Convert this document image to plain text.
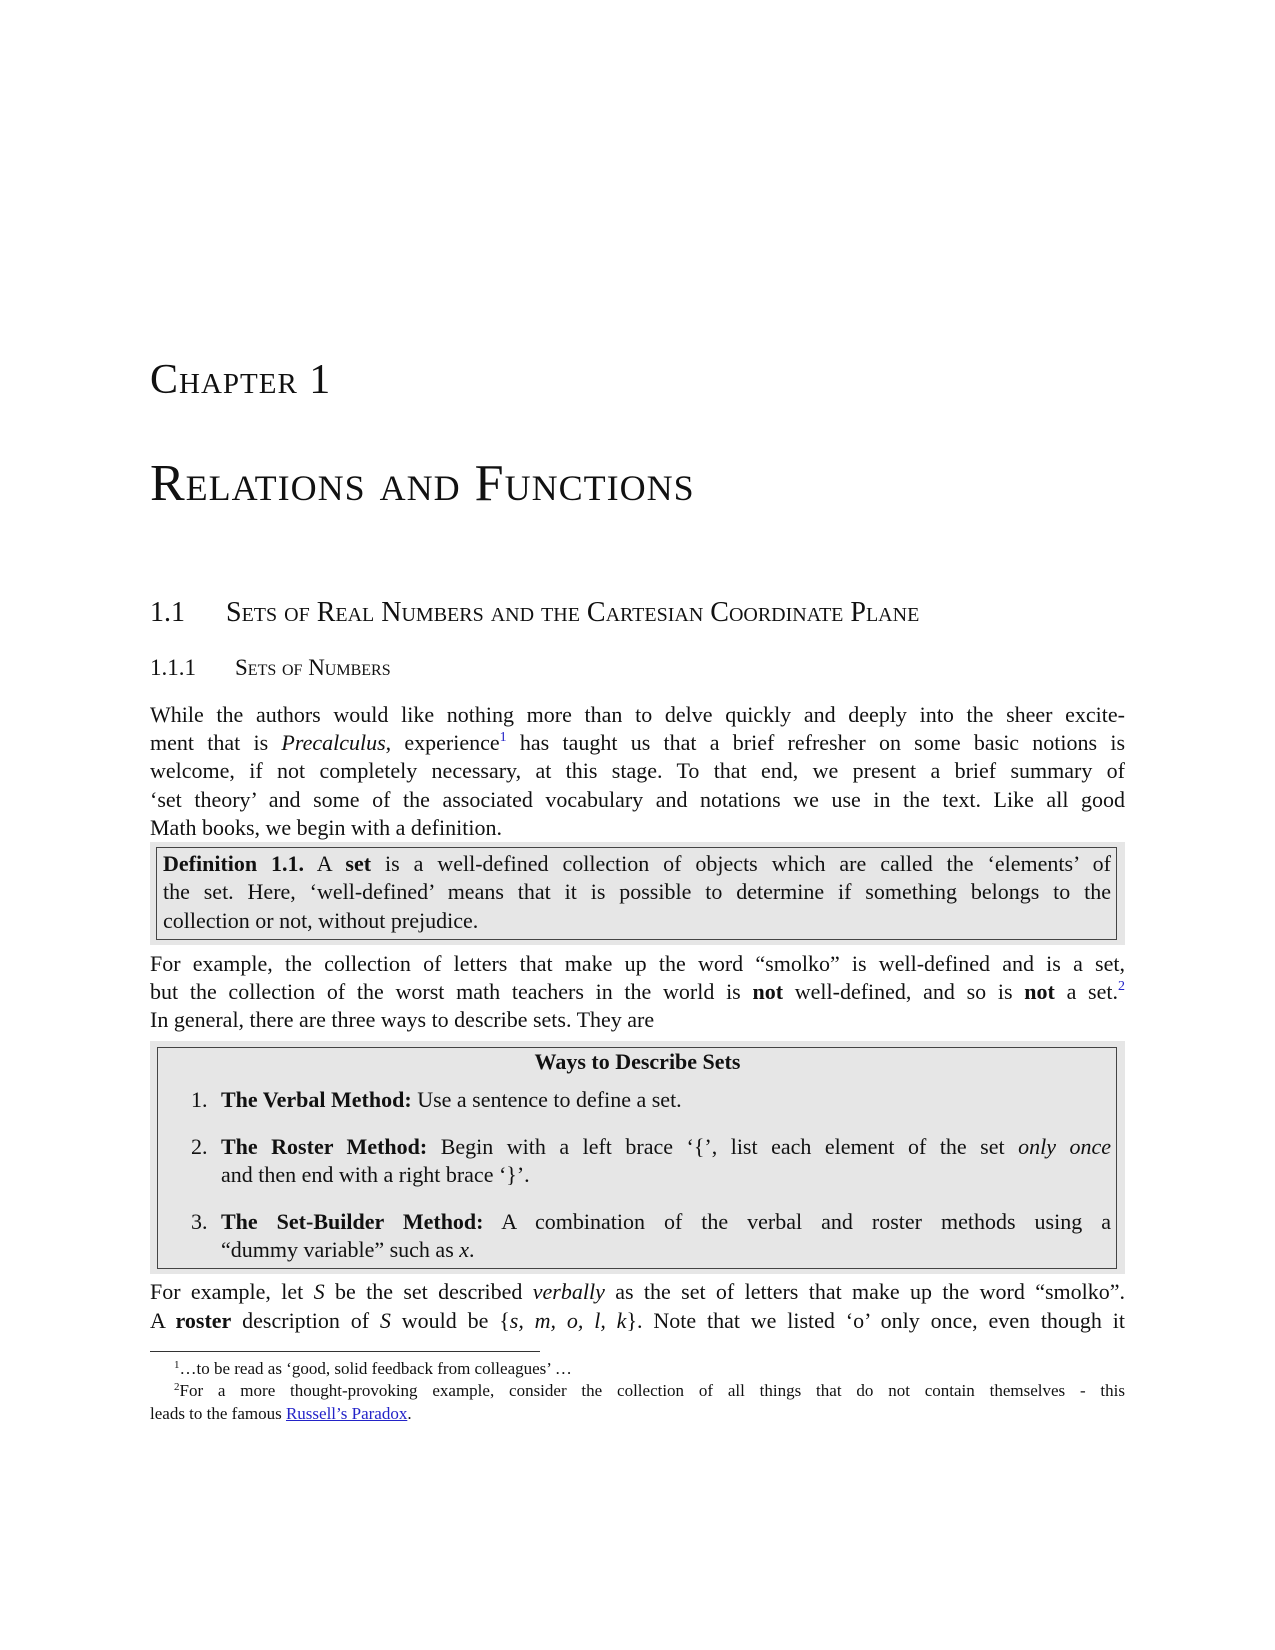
Chapter 1
Relations and Functions
1.1	Sets of Real Numbers and the Cartesian Coordinate Plane
1.1.1	Sets of Numbers
While the authors would like nothing more than to delve quickly and deeply into the sheer excite-
ment that is Precalculus, experience$^1$ has taught us that a brief refresher on some basic notions is
welcome, if not completely necessary, at this stage. To that end, we present a brief summary of
‘set theory’ and some of the associated vocabulary and notations we use in the text. Like all good
Math books, we begin with a definition.
Definition 1.1. A set is a well-defined collection of objects which are called the ‘elements’ of
the set. Here, ‘well-defined’ means that it is possible to determine if something belongs to the
collection or not, without prejudice.
For example, the collection of letters that make up the word “smolko” is well-defined and is a set,
but the collection of the worst math teachers in the world is not well-defined, and so is not a set.$^2$
In general, there are three ways to describe sets. They are
Ways to Describe Sets
1. The Verbal Method: Use a sentence to define a set.
2. The Roster Method: Begin with a left brace ‘{’, list each element of the set only once
and then end with a right brace ‘}’.
3. The Set-Builder Method: A combination of the verbal and roster methods using a
“dummy variable” such as x.
For example, let S be the set described verbally as the set of letters that make up the word “smolko”.
A roster description of S would be {s, m, o, l, k}. Note that we listed ‘o’ only once, even though it
$^1$…to be read as ‘good, solid feedback from colleagues’ …
$^2$For a more thought-provoking example, consider the collection of all things that do not contain themselves - this
leads to the famous Russell’s Paradox.
